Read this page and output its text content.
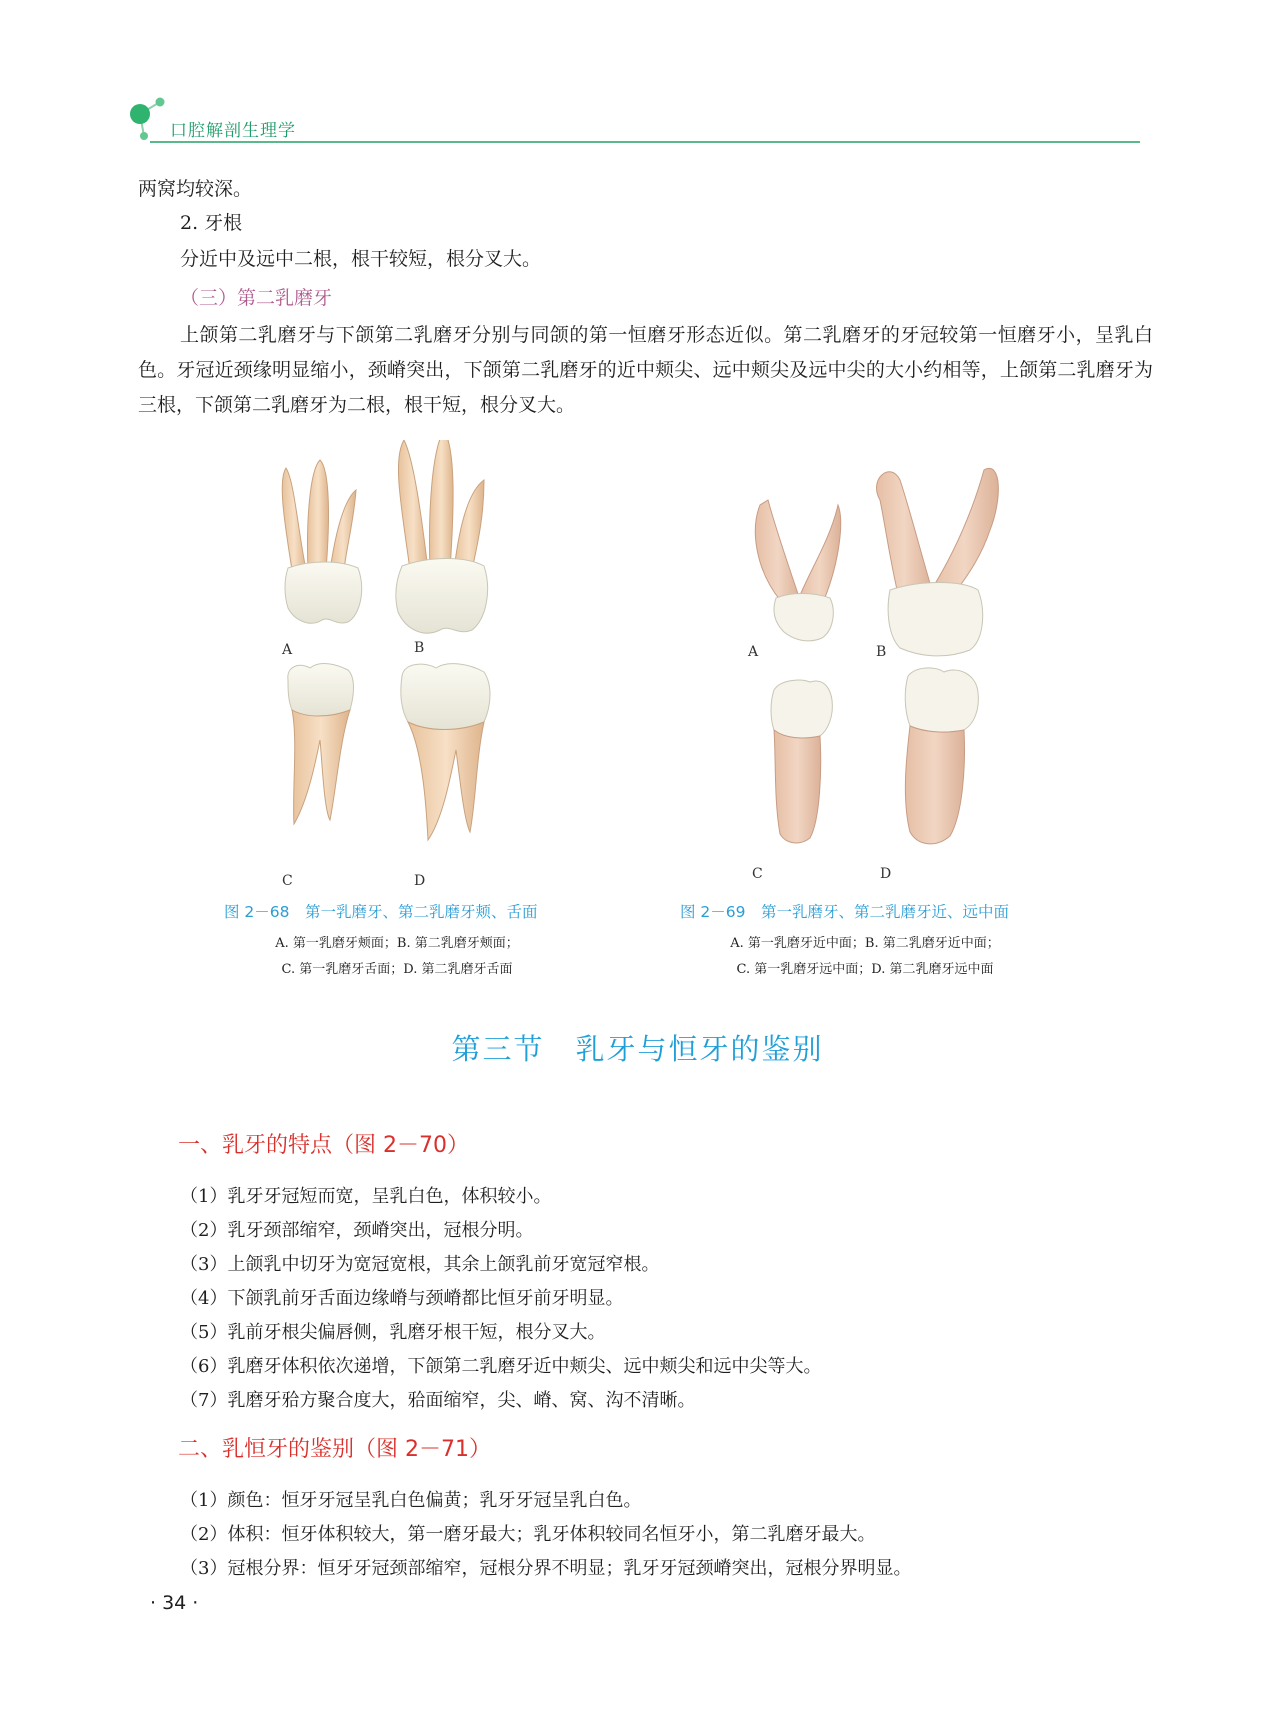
口腔解剖生理学
两窝均较深。
2. 牙根
分近中及远中二根，根干较短，根分叉大。
（三）第二乳磨牙
上颌第二乳磨牙与下颌第二乳磨牙分别与同颌的第一恒磨牙形态近似。第二乳磨牙的牙冠较第一恒磨牙小，呈乳白色。牙冠近颈缘明显缩小，颈嵴突出，下颌第二乳磨牙的近中颊尖、远中颊尖及远中尖的大小约相等，上颌第二乳磨牙为三根，下颌第二乳磨牙为二根，根干短，根分叉大。
A	B
C	D
图 2－68　第一乳磨牙、第二乳磨牙颊、舌面
A. 第一乳磨牙颊面；B. 第二乳磨牙颊面；
C. 第一乳磨牙舌面；D. 第二乳磨牙舌面
A	B
C	D
图 2－69　第一乳磨牙、第二乳磨牙近、远中面
A. 第一乳磨牙近中面；B. 第二乳磨牙近中面；
C. 第一乳磨牙远中面；D. 第二乳磨牙远中面
第三节　乳牙与恒牙的鉴别
一、乳牙的特点（图 2－70）
（1）乳牙牙冠短而宽，呈乳白色，体积较小。
（2）乳牙颈部缩窄，颈嵴突出，冠根分明。
（3）上颌乳中切牙为宽冠宽根，其余上颌乳前牙宽冠窄根。
（4）下颌乳前牙舌面边缘嵴与颈嵴都比恒牙前牙明显。
（5）乳前牙根尖偏唇侧，乳磨牙根干短，根分叉大。
（6）乳磨牙体积依次递增，下颌第二乳磨牙近中颊尖、远中颊尖和远中尖等大。
（7）乳磨牙𬌗方聚合度大，𬌗面缩窄，尖、嵴、窝、沟不清晰。
二、乳恒牙的鉴别（图 2－71）
（1）颜色：恒牙牙冠呈乳白色偏黄；乳牙牙冠呈乳白色。
（2）体积：恒牙体积较大，第一磨牙最大；乳牙体积较同名恒牙小，第二乳磨牙最大。
（3）冠根分界：恒牙牙冠颈部缩窄，冠根分界不明显；乳牙牙冠颈嵴突出，冠根分界明显。
· 34 ·
